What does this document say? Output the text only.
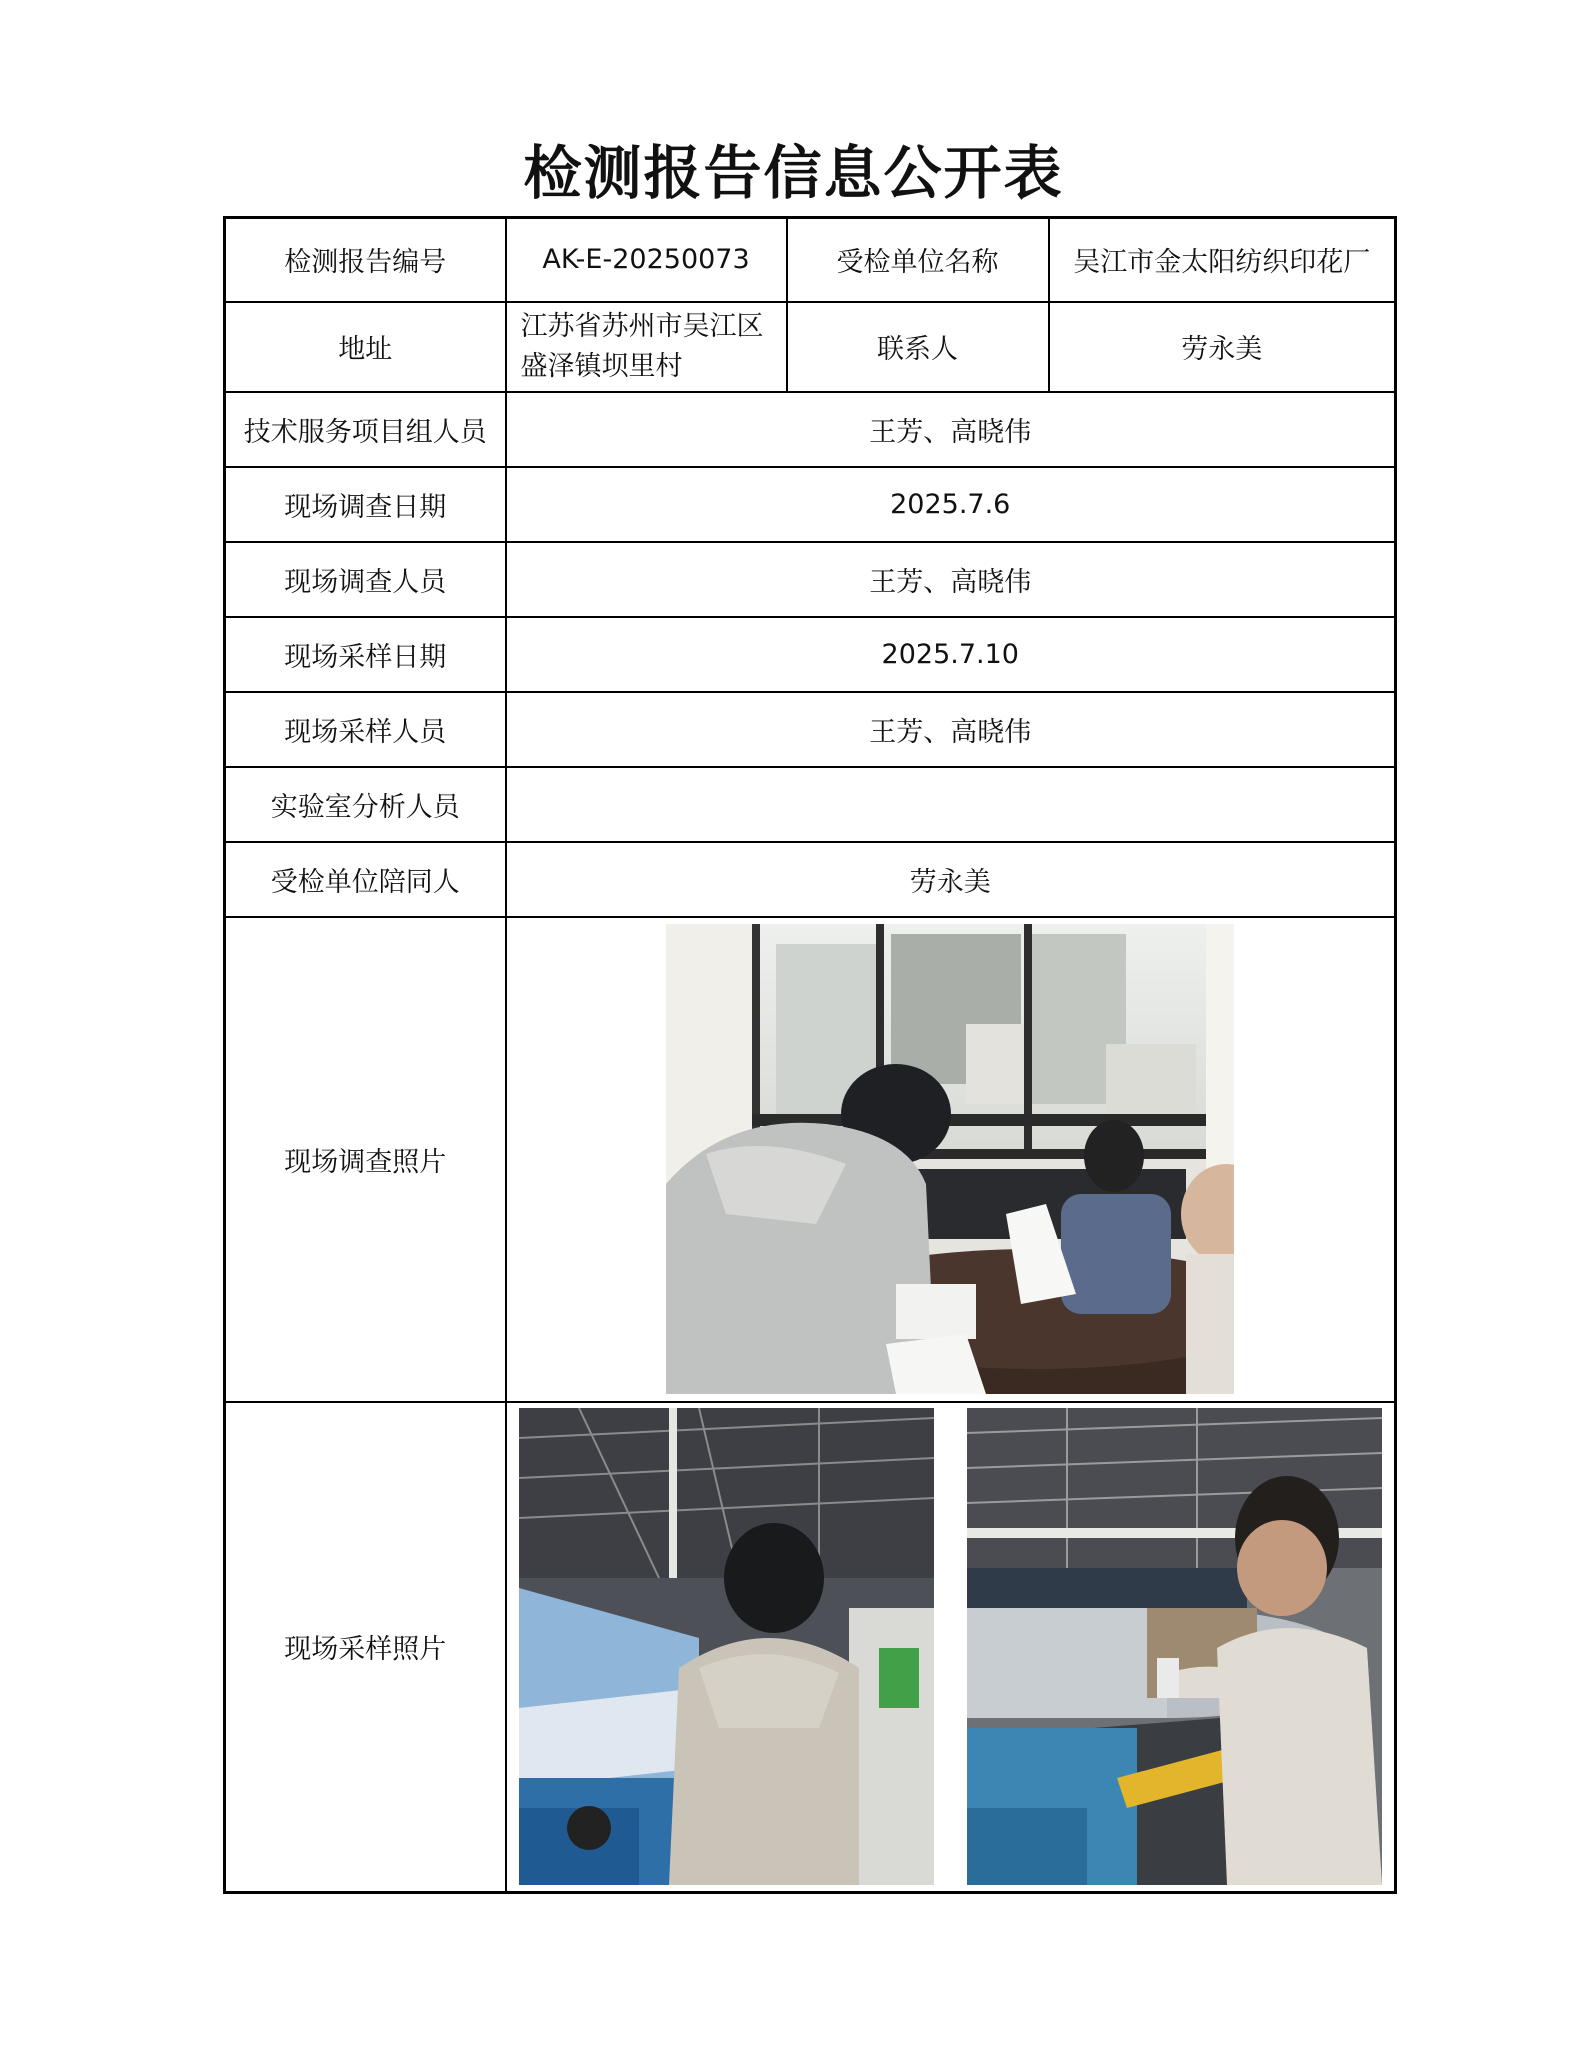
检测报告信息公开表
检测报告编号	AK-E-20250073	受检单位名称	吴江市金太阳纺织印花厂
地址	江苏省苏州市吴江区盛泽镇坝里村	联系人	劳永美
技术服务项目组人员	王芳、高晓伟		
现场调查日期	2025.7.6		
现场调查人员	王芳、高晓伟		
现场采样日期	2025.7.10		
现场采样人员	王芳、高晓伟		
实验室分析人员			
受检单位陪同人	劳永美		
现场调查照片	

现场采样照片	
